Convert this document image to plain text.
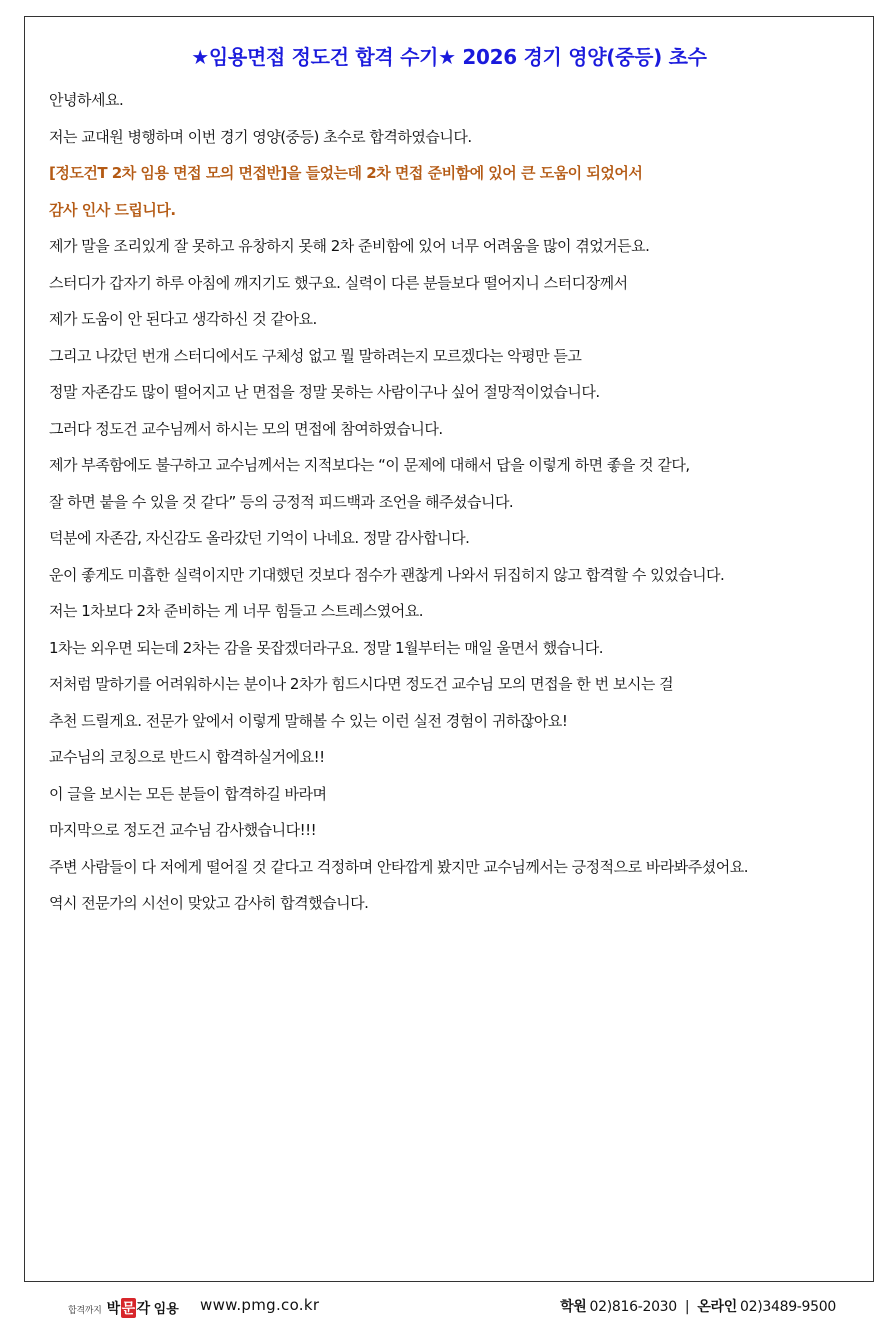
★임용면접 정도건 합격 수기★ 2026 경기 영양(중등) 초수
안녕하세요.
저는 교대원 병행하며 이번 경기 영양(중등) 초수로 합격하였습니다.
[정도건T 2차 임용 면접 모의 면접반]을 들었는데 2차 면접 준비함에 있어 큰 도움이 되었어서
감사 인사 드립니다.
제가 말을 조리있게 잘 못하고 유창하지 못해 2차 준비함에 있어 너무 어려움을 많이 겪었거든요.
스터디가 갑자기 하루 아침에 깨지기도 했구요. 실력이 다른 분들보다 떨어지니 스터디장께서
제가 도움이 안 된다고 생각하신 것 같아요.
그리고 나갔던 번개 스터디에서도 구체성 없고 뭘 말하려는지 모르겠다는 악평만 듣고
정말 자존감도 많이 떨어지고 난 면접을 정말 못하는 사람이구나 싶어 절망적이었습니다.
그러다 정도건 교수님께서 하시는 모의 면접에 참여하였습니다.
제가 부족함에도 불구하고 교수님께서는 지적보다는 “이 문제에 대해서 답을 이렇게 하면 좋을 것 같다,
잘 하면 붙을 수 있을 것 같다” 등의 긍정적 피드백과 조언을 해주셨습니다.
덕분에 자존감, 자신감도 올라갔던 기억이 나네요. 정말 감사합니다.
운이 좋게도 미흡한 실력이지만 기대했던 것보다 점수가 괜찮게 나와서 뒤집히지 않고 합격할 수 있었습니다.
저는 1차보다 2차 준비하는 게 너무 힘들고 스트레스였어요.
1차는 외우면 되는데 2차는 감을 못잡겠더라구요. 정말 1월부터는 매일 울면서 했습니다.
저처럼 말하기를 어려워하시는 분이나 2차가 힘드시다면 정도건 교수님 모의 면접을 한 번 보시는 걸
추천 드릴게요. 전문가 앞에서 이렇게 말해볼 수 있는 이런 실전 경험이 귀하잖아요!
교수님의 코칭으로 반드시 합격하실거에요!!
이 글을 보시는 모든 분들이 합격하길 바라며
마지막으로 정도건 교수님 감사했습니다!!!
주변 사람들이 다 저에게 떨어질 것 같다고 걱정하며 안타깝게 봤지만 교수님께서는 긍정적으로 바라봐주셨어요.
역시 전문가의 시선이 맞았고 감사히 합격했습니다.
합격까지 박 문 각 임용 www.pmg.co.kr	학원 02)816-2030 | 온라인 02)3489-9500
